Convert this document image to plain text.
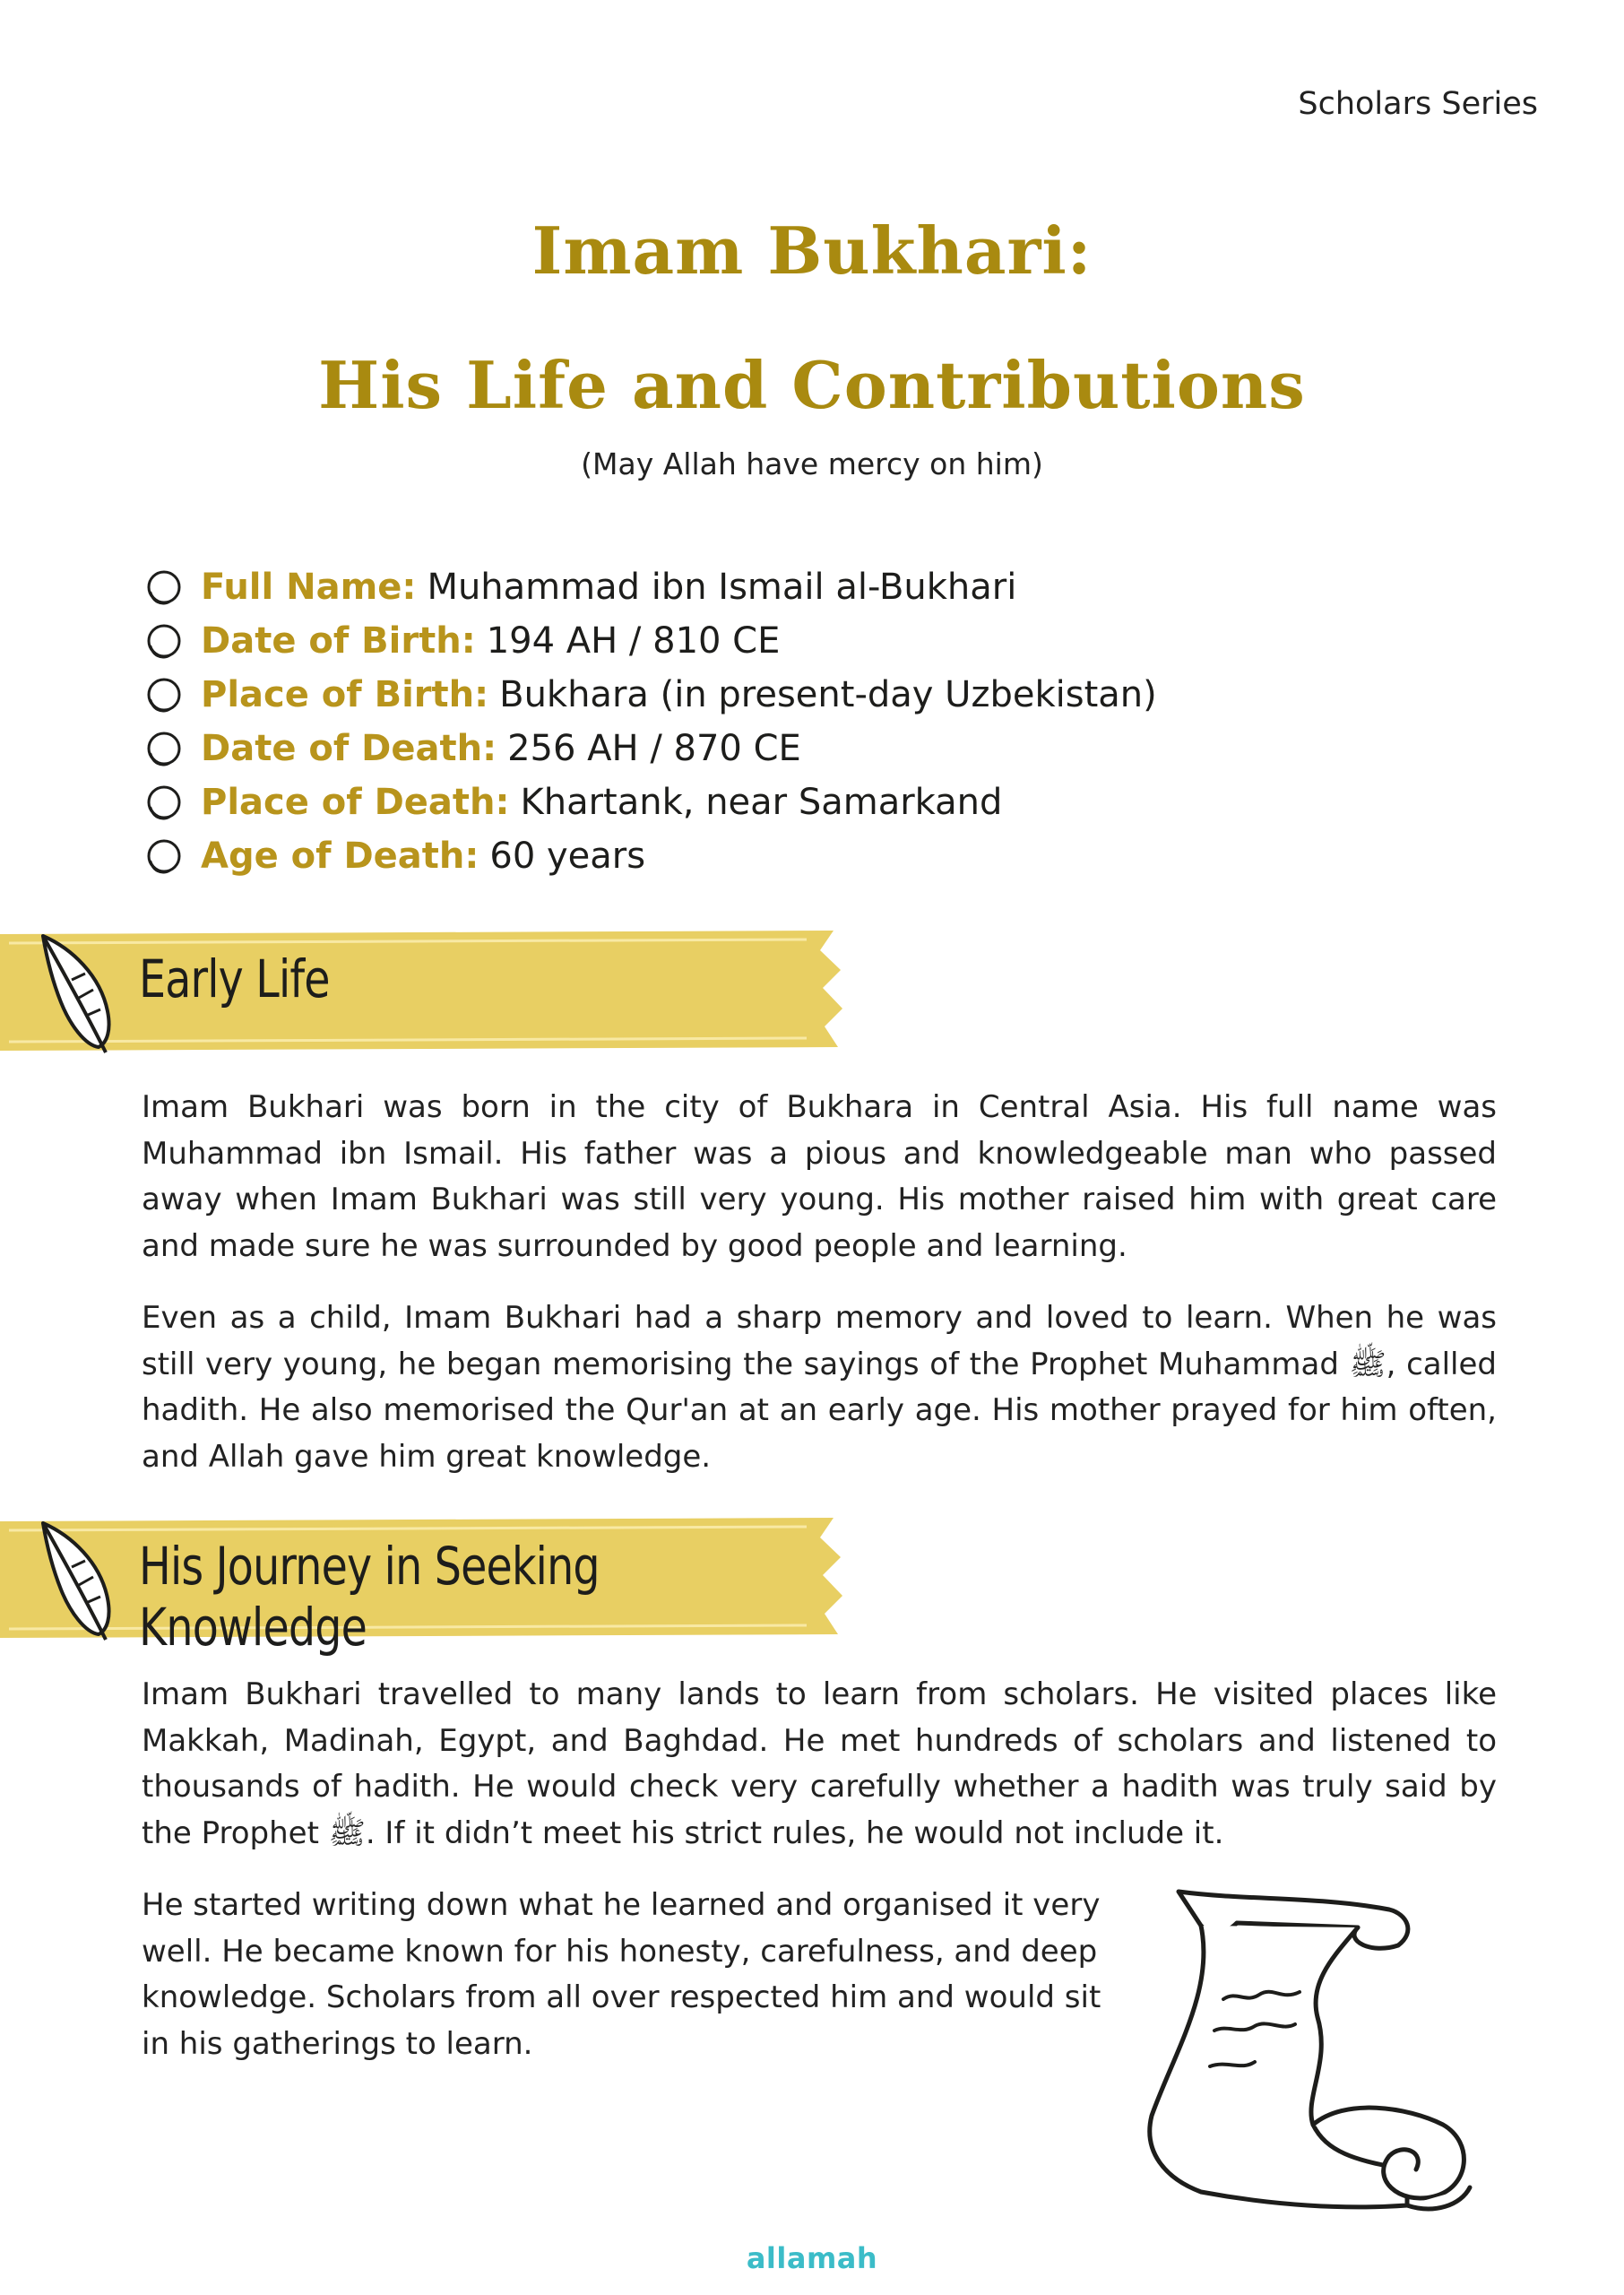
Scholars Series
Imam Bukhari:
His Life and Contributions
(May Allah have mercy on him)
Full Name: Muhammad ibn Ismail al-Bukhari
Date of Birth: 194 AH / 810 CE
Place of Birth: Bukhara (in present-day Uzbekistan)
Date of Death: 256 AH / 870 CE
Place of Death: Khartank, near Samarkand
Age of Death: 60 years
Early Life
Imam Bukhari was born in the city of Bukhara in Central Asia. His full name was Muhammad ibn Ismail. His father was a pious and knowledgeable man who passed away when Imam Bukhari was still very young. His mother raised him with great care and made sure he was surrounded by good people and learning.
Even as a child, Imam Bukhari had a sharp memory and loved to learn. When he was still very young, he began memorising the sayings of the Prophet Muhammad ﷺ, called hadith. He also memorised the Qur'an at an early age. His mother prayed for him often, and Allah gave him great knowledge.
His Journey in Seeking Knowledge
Imam Bukhari travelled to many lands to learn from scholars. He visited places like Makkah, Madinah, Egypt, and Baghdad. He met hundreds of scholars and listened to thousands of hadith. He would check very carefully whether a hadith was truly said by the Prophet ﷺ. If it didn’t meet his strict rules, he would not include it.
He started writing down what he learned and organised it very well. He became known for his honesty, carefulness, and deep knowledge. Scholars from all over respected him and would sit in his gatherings to learn.
allamah
